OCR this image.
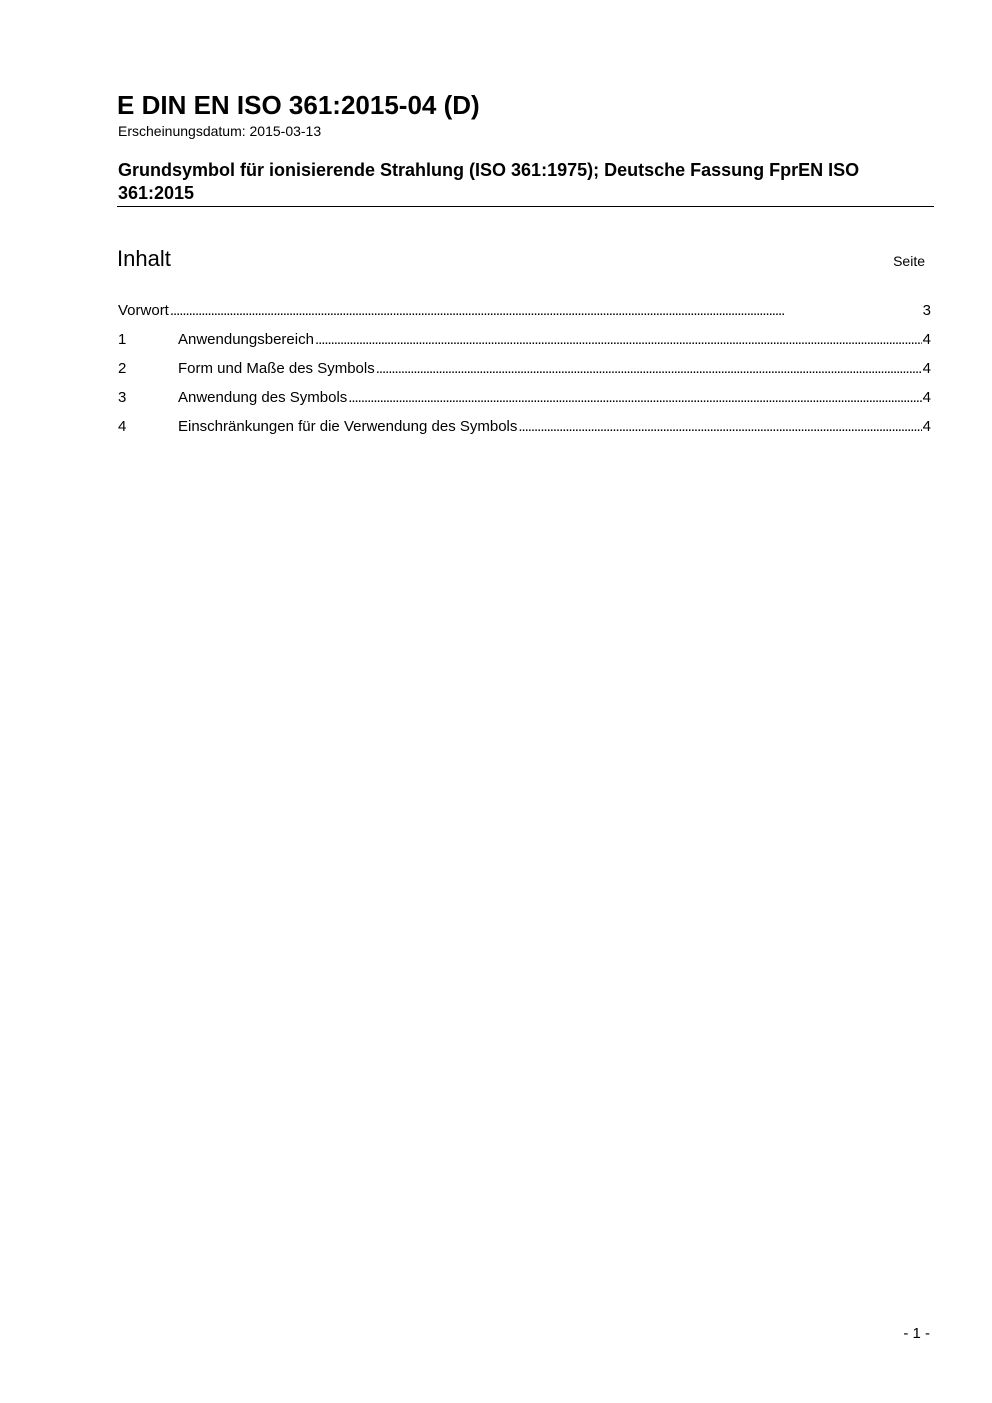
E DIN EN ISO 361:2015-04 (D)
Erscheinungsdatum: 2015-03-13
Grundsymbol für ionisierende Strahlung (ISO 361:1975); Deutsche Fassung FprEN ISO 361:2015
Inhalt	Seite
Vorwort . . .	3
1	Anwendungsbereich . . .	4
2	Form und Maße des Symbols . . .	4
3	Anwendung des Symbols . . .	4
4	Einschränkungen für die Verwendung des Symbols . . .	4
- 1 -
